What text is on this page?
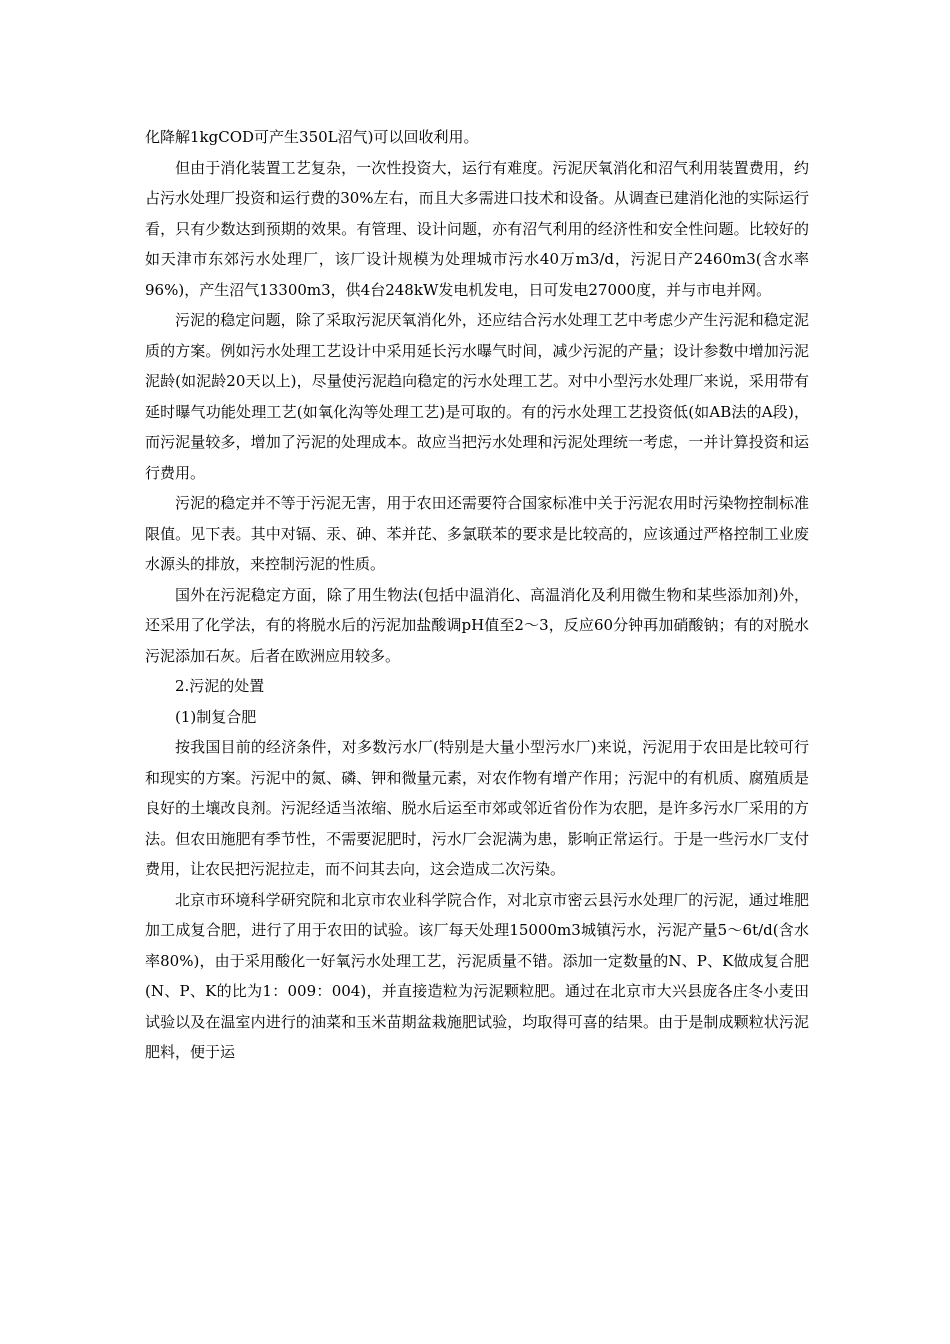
化降解1kgCOD可产生350L沼气)可以回收利用。

但由于消化装置工艺复杂，一次性投资大，运行有难度。污泥厌氧消化和沼气利用装置费用，约占污水处理厂投资和运行费的30%左右，而且大多需进口技术和设备。从调查已建消化池的实际运行看，只有少数达到预期的效果。有管理、设计问题，亦有沼气利用的经济性和安全性问题。比较好的如天津市东郊污水处理厂，该厂设计规模为处理城市污水40万m3/d，污泥日产2460m3(含水率96%)，产生沼气13300m3，供4台248kW发电机发电，日可发电27000度，并与市电并网。

污泥的稳定问题，除了采取污泥厌氧消化外，还应结合污水处理工艺中考虑少产生污泥和稳定泥质的方案。例如污水处理工艺设计中采用延长污水曝气时间，减少污泥的产量；设计参数中增加污泥泥龄(如泥龄20天以上)，尽量使污泥趋向稳定的污水处理工艺。对中小型污水处理厂来说，采用带有延时曝气功能处理工艺(如氧化沟等处理工艺)是可取的。有的污水处理工艺投资低(如AB法的A段)，而污泥量较多，增加了污泥的处理成本。故应当把污水处理和污泥处理统一考虑，一并计算投资和运行费用。

污泥的稳定并不等于污泥无害，用于农田还需要符合国家标准中关于污泥农用时污染物控制标准限值。见下表。其中对镉、汞、砷、苯并芘、多氯联苯的要求是比较高的，应该通过严格控制工业废水源头的排放，来控制污泥的性质。

国外在污泥稳定方面，除了用生物法(包括中温消化、高温消化及利用微生物和某些添加剂)外，还采用了化学法，有的将脱水后的污泥加盐酸调pH值至2～3，反应60分钟再加硝酸钠；有的对脱水污泥添加石灰。后者在欧洲应用较多。

2.污泥的处置

(1)制复合肥

按我国目前的经济条件，对多数污水厂(特别是大量小型污水厂)来说，污泥用于农田是比较可行和现实的方案。污泥中的氮、磷、钾和微量元素，对农作物有增产作用；污泥中的有机质、腐殖质是良好的土壤改良剂。污泥经适当浓缩、脱水后运至市郊或邻近省份作为农肥，是许多污水厂采用的方法。但农田施肥有季节性，不需要泥肥时，污水厂会泥满为患，影响正常运行。于是一些污水厂支付费用，让农民把污泥拉走，而不问其去向，这会造成二次污染。

北京市环境科学研究院和北京市农业科学院合作，对北京市密云县污水处理厂的污泥，通过堆肥加工成复合肥，进行了用于农田的试验。该厂每天处理15000m3城镇污水，污泥产量5～6t/d(含水率80%)，由于采用酸化一好氧污水处理工艺，污泥质量不错。添加一定数量的N、P、K做成复合肥(N、P、K的比为1：009：004)，并直接造粒为污泥颗粒肥。通过在北京市大兴县庞各庄冬小麦田试验以及在温室内进行的油菜和玉米苗期盆栽施肥试验，均取得可喜的结果。由于是制成颗粒状污泥肥料，便于运
